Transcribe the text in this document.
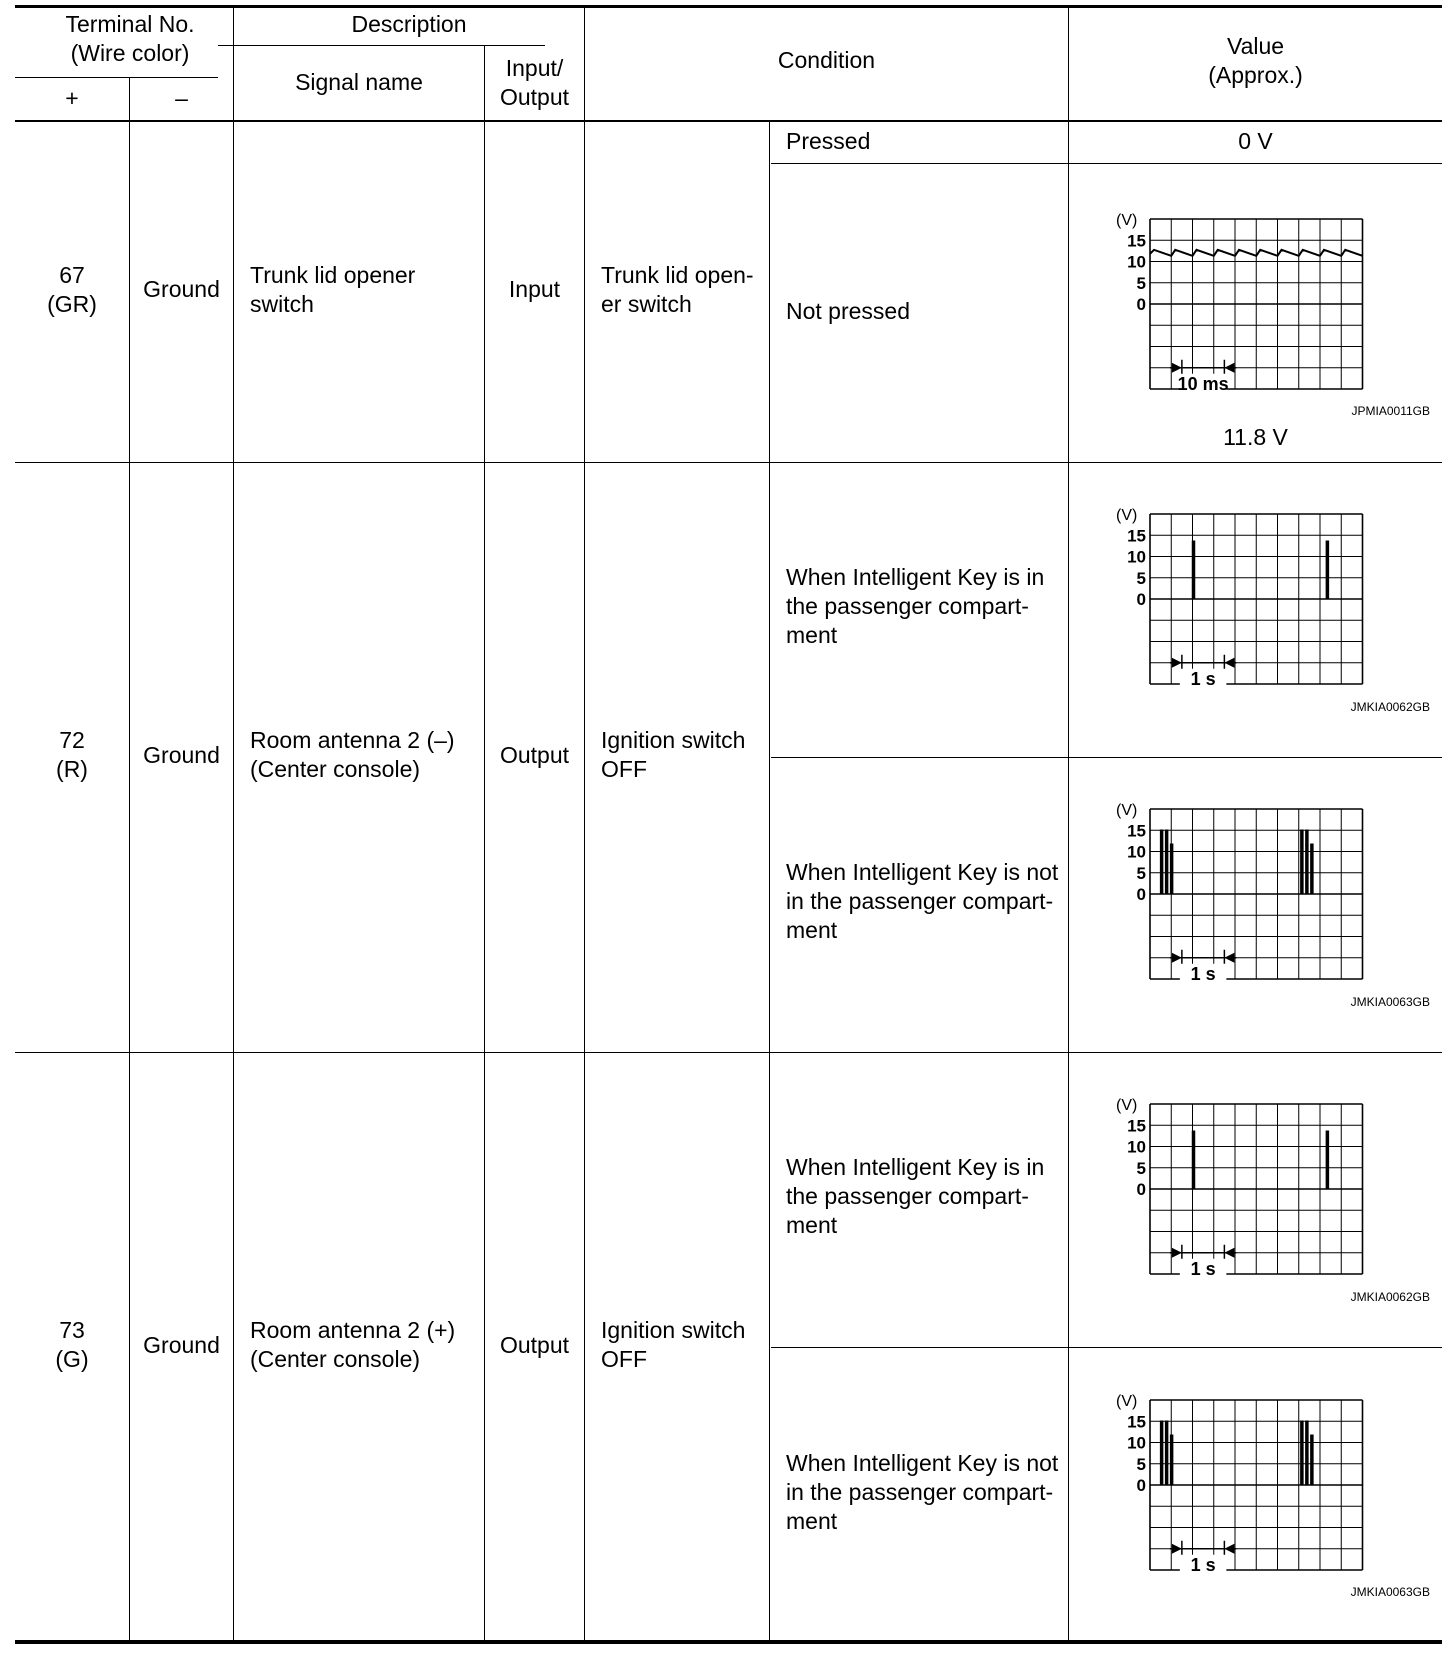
Terminal No.
(Wire color)
+	–
Description
Signal name
Input/
Output
Condition
Value
(Approx.)
67
(GR)
Ground
Trunk lid opener
switch
Input
Trunk lid open-
er switch
Pressed	0 V
Not pressed
(V)
15
10
5
0
10 ms
JPMIA0011GB
11.8 V
72
(R)
Ground
Room antenna 2 (–)
(Center console)
Output
Ignition switch
OFF
When Intelligent Key is in
the passenger compart-
ment
(V)
15
10
5
0
1 s
JMKIA0062GB
When Intelligent Key is not
in the passenger compart-
ment
(V)
15
10
5
0
1 s
JMKIA0063GB
73
(G)
Ground
Room antenna 2 (+)
(Center console)
Output
Ignition switch
OFF
When Intelligent Key is in
the passenger compart-
ment
(V)
15
10
5
0
1 s
JMKIA0062GB
When Intelligent Key is not
in the passenger compart-
ment
(V)
15
10
5
0
1 s
JMKIA0063GB
